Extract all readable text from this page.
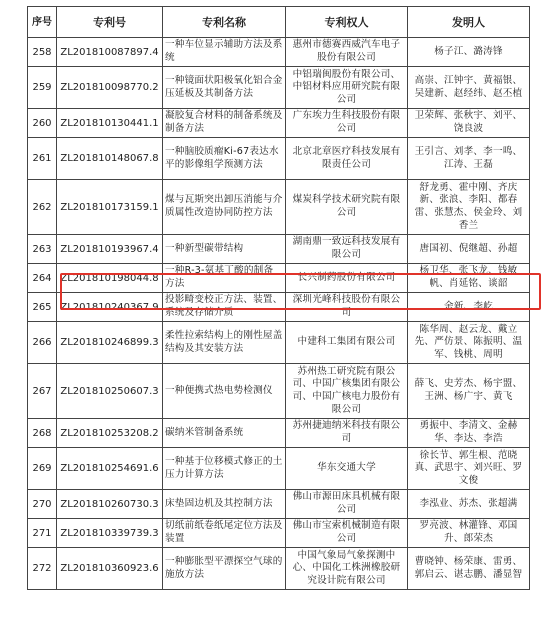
序号	专利号	专利名称	专利权人	发明人
258	ZL201810087897.4	一种车位显示辅助方法及系统	惠州市德赛西威汽车电子股份有限公司	杨子江、潞涛锋
259	ZL201810098770.2	一种镜面状阳极氧化铝合金压延板及其制备方法	中铝瑞闽股份有限公司、中铝材料应用研究院有限公司	高崇、江钟宇、黄福银、吴建新、赵经纬、赵丕植
260	ZL201810130441.1	凝胶复合材料的制备系统及制备方法	广东埃力生科技股份有限公司	卫荣辉、张秋宇、刘平、饶良波
261	ZL201810148067.8	一种脑胶质瘤Ki-67表达水平的影像组学预测方法	北京北章医疗科技发展有限责任公司	王引言、刘孝、李一鸣、江涛、王磊
262	ZL201810173159.1	煤与瓦斯突出卸压消能与介质属性改造协同防控方法	煤炭科学技术研究院有限公司	舒龙勇、霍中刚、齐庆新、张浪、李阳、都春雷、张慧杰、侯金玲、刘香兰
263	ZL201810193967.4	一种新型碳带结构	湖南鼎一致远科技发展有限公司	唐国初、倪继超、孙超
264	ZL201810198044.8	一种R-3-氨基丁酸的制备方法	长兴制药股份有限公司	杨卫华、张飞龙、钱敏帆、肖延铭、谈韶
265	ZL201810240367.9	投影畸变校正方法、装置、系统及存储介质	深圳光峰科技股份有限公司	余新、李屹
266	ZL201810246899.3	柔性拉索结构上的刚性屋盖结构及其安装方法	中建科工集团有限公司	陈华周、赵云龙、戴立先、严仿景、陈振明、温军、钱桃、周明
267	ZL201810250607.3	一种便携式热电势检测仪	苏州热工研究院有限公司、中国广核集团有限公司、中国广核电力股份有限公司	薛飞、史芳杰、杨宇盟、王洲、杨广宇、黄飞
268	ZL201810253208.2	碳纳米管制备系统	苏州捷迪纳米科技有限公司	勇振中、李清文、金赫华、李达、李浩
269	ZL201810254691.6	一种基于位移模式修正的土压力计算方法	华东交通大学	徐长节、郭生根、范晓真、武思宇、刘兴旺、罗文俊
270	ZL201810260730.3	床垫固边机及其控制方法	佛山市源田床具机械有限公司	李泓业、苏杰、张超满
271	ZL201810339739.3	切纸前纸卷纸尾定位方法及装置	佛山市宝索机械制造有限公司	罗亮波、林灌锋、邓国升、郎荣杰
272	ZL201810360923.6	一种膨胀型平漂探空气球的施放方法	中国气象局气象探测中心、中国化工株洲橡胶研究设计院有限公司	曹晓钟、杨荣康、雷勇、郭启云、谌志鹏、潘显智
